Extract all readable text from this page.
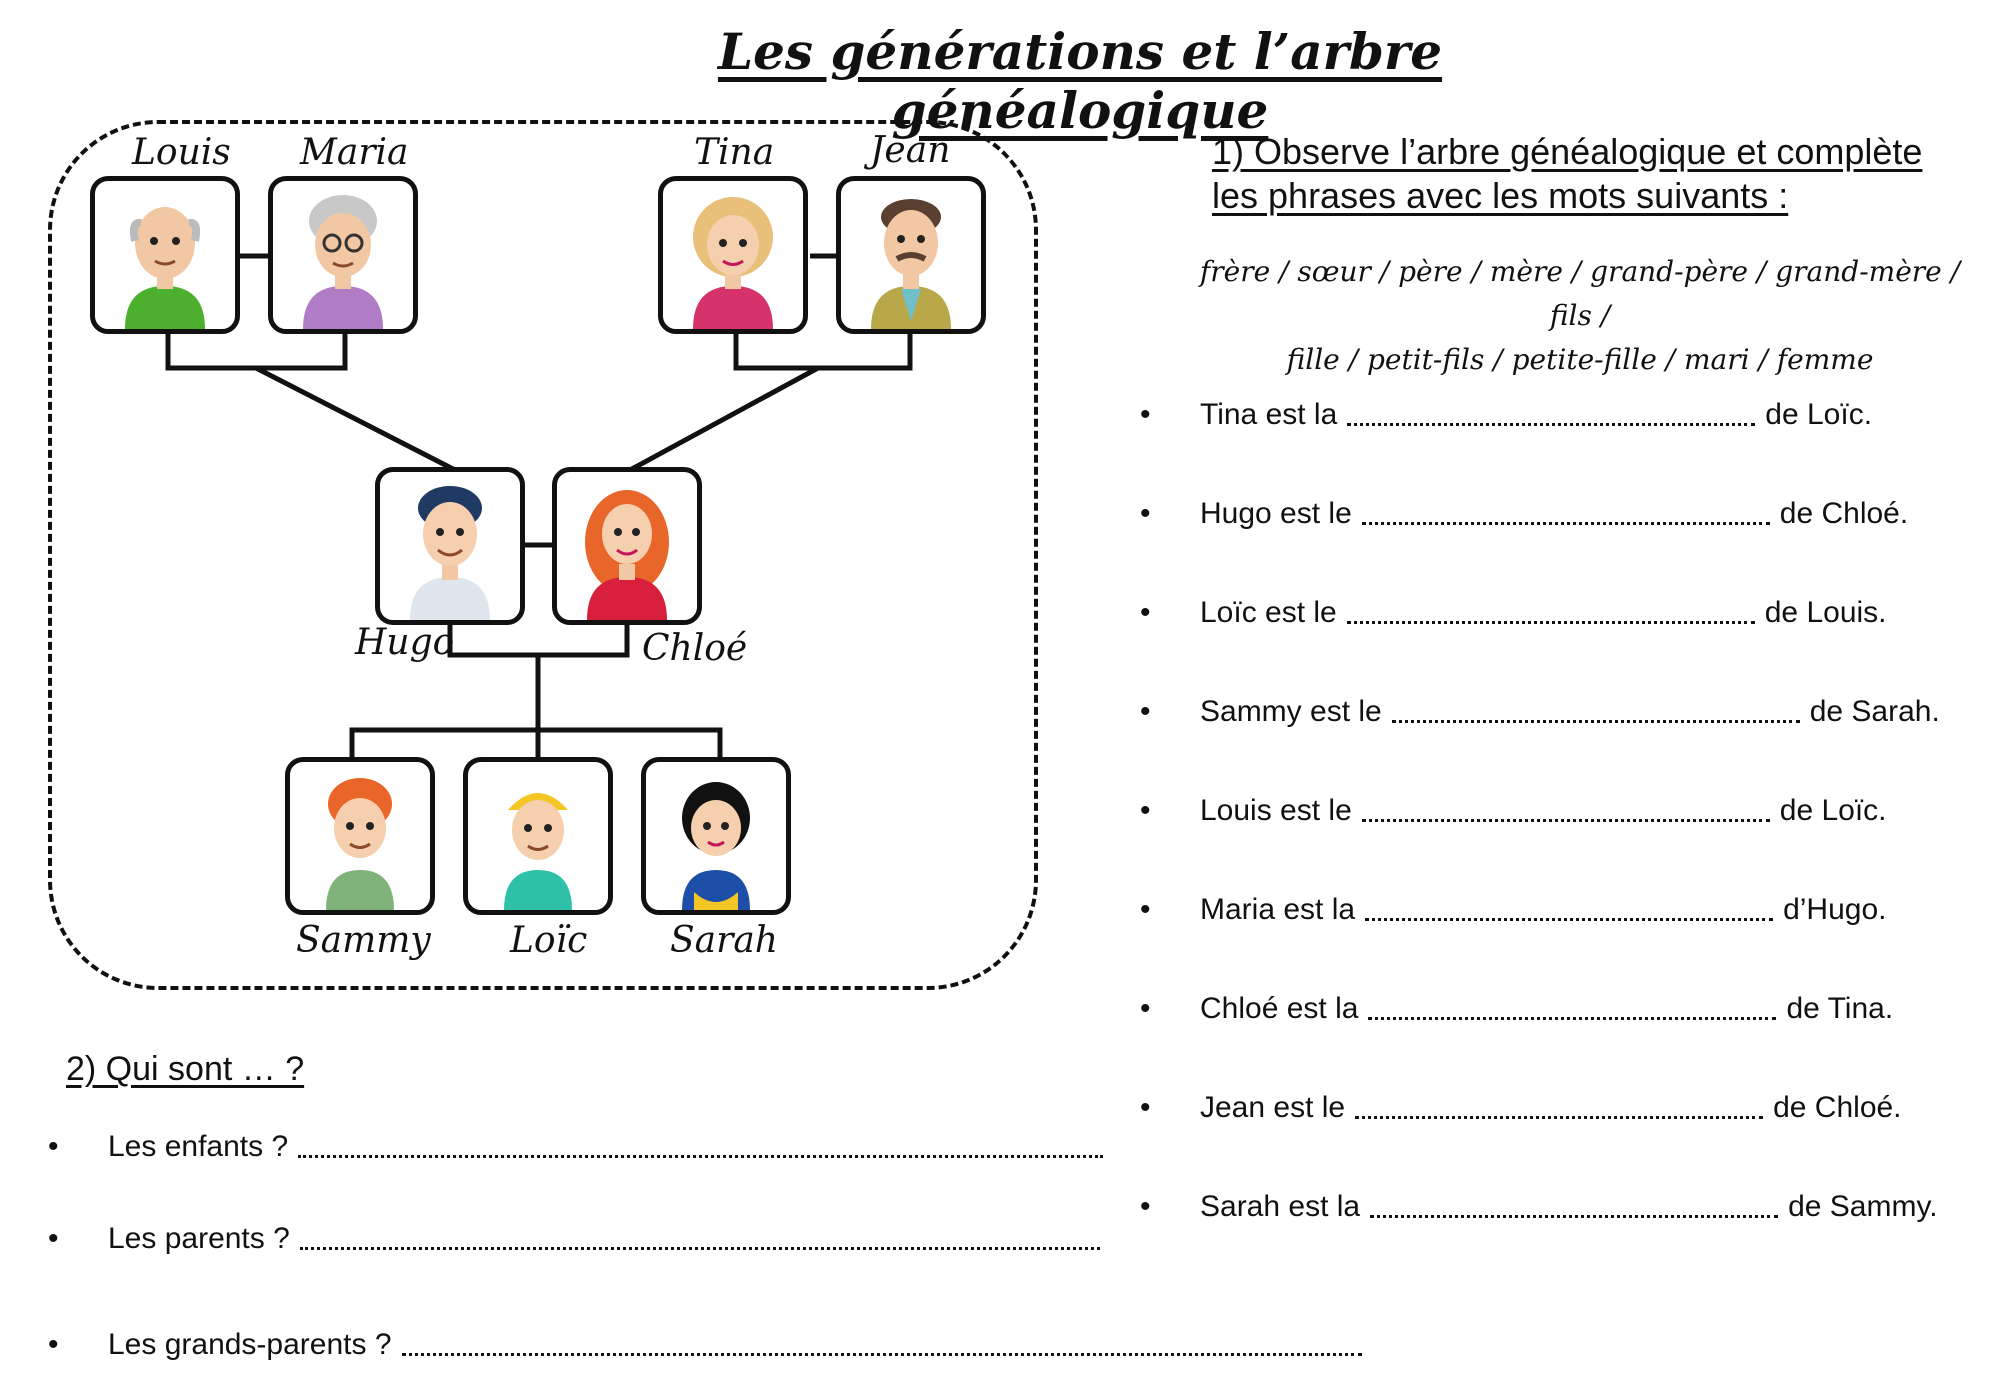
Les générations et l’arbre généalogique
Louis Maria	Tina	Jean
Hugo	Chloé
Sammy Loïc Sarah
1) Observe l’arbre généalogique et complète
les phrases avec les mots suivants :
frère / sœur / père / mère / grand-père / grand-mère / fils /
fille / petit-fils / petite-fille / mari / femme
•	Tina est la	de Loïc.
•	Hugo est le	de Chloé.
•	Loïc est le	de Louis.
•	Sammy est le	de Sarah.
•	Louis est le	de Loïc.
•	Maria est la	d’Hugo.
•	Chloé est la	de Tina.
•	Jean est le	de Chloé.
•	Sarah est la	de Sammy.
2) Qui sont … ?
•	Les enfants ?
•	Les parents ?
•	Les grands-parents ?
